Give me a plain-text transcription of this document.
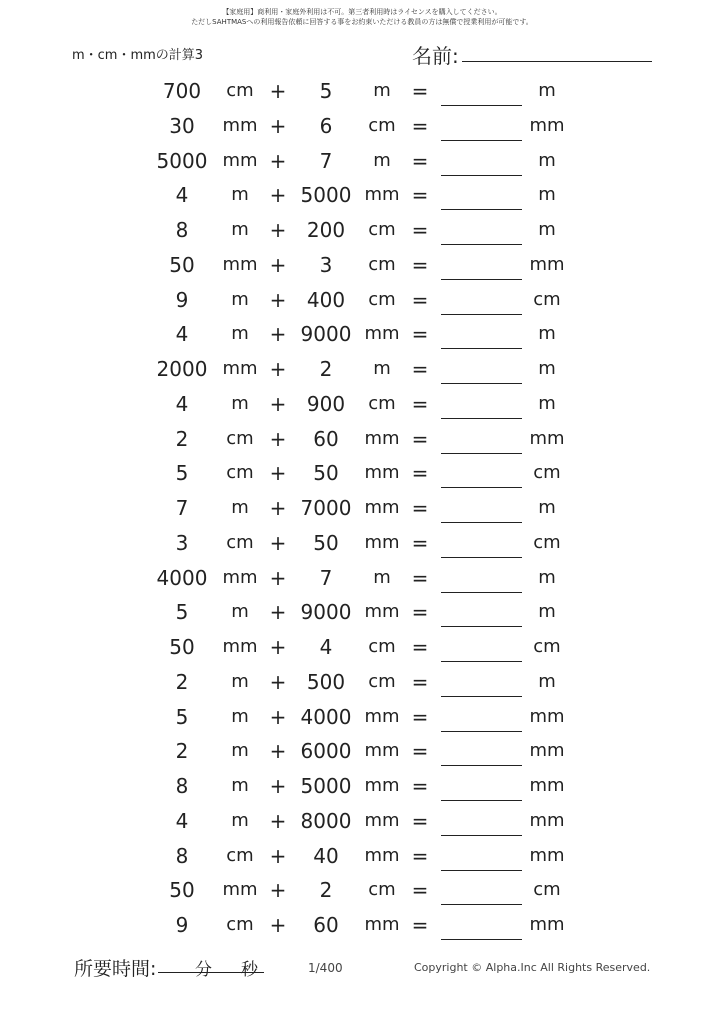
【家庭用】商利用・家庭外利用は不可。第三者利用時はライセンスを購入してください。
ただしSAHTMASへの利用報告依頼に回答する事をお約束いただける教員の方は無償で授業利用が可能です。
m・cm・mmの計算3	名前:
700	cm +	5	m	=	m
30	mm +	6	cm =	mm
5000 mm +	7	m	=	m
4	m	+ 5000 mm =	m
8	m	+	200	cm =	m
50	mm +	3	cm =	mm
9	m	+	400	cm =	cm
4	m	+ 9000 mm =	m
2000 mm +	2	m	=	m
4	m	+	900	cm =	m
2	cm +	60	mm =	mm
5	cm +	50	mm =	cm
7	m	+ 7000 mm =	m
3	cm +	50	mm =	cm
4000 mm +	7	m	=	m
5	m	+ 9000 mm =	m
50	mm +	4	cm =	cm
2	m	+	500	cm =	m
5	m	+ 4000 mm =	mm
2	m	+ 6000 mm =	mm
8	m	+ 5000 mm =	mm
4	m	+ 8000 mm =	mm
8	cm +	40	mm =	mm
50	mm +	2	cm =	cm
9	cm +	60	mm =	mm
所要時間: 分 秒	1/400	Copyright © Alpha.Inc All Rights Reserved.
